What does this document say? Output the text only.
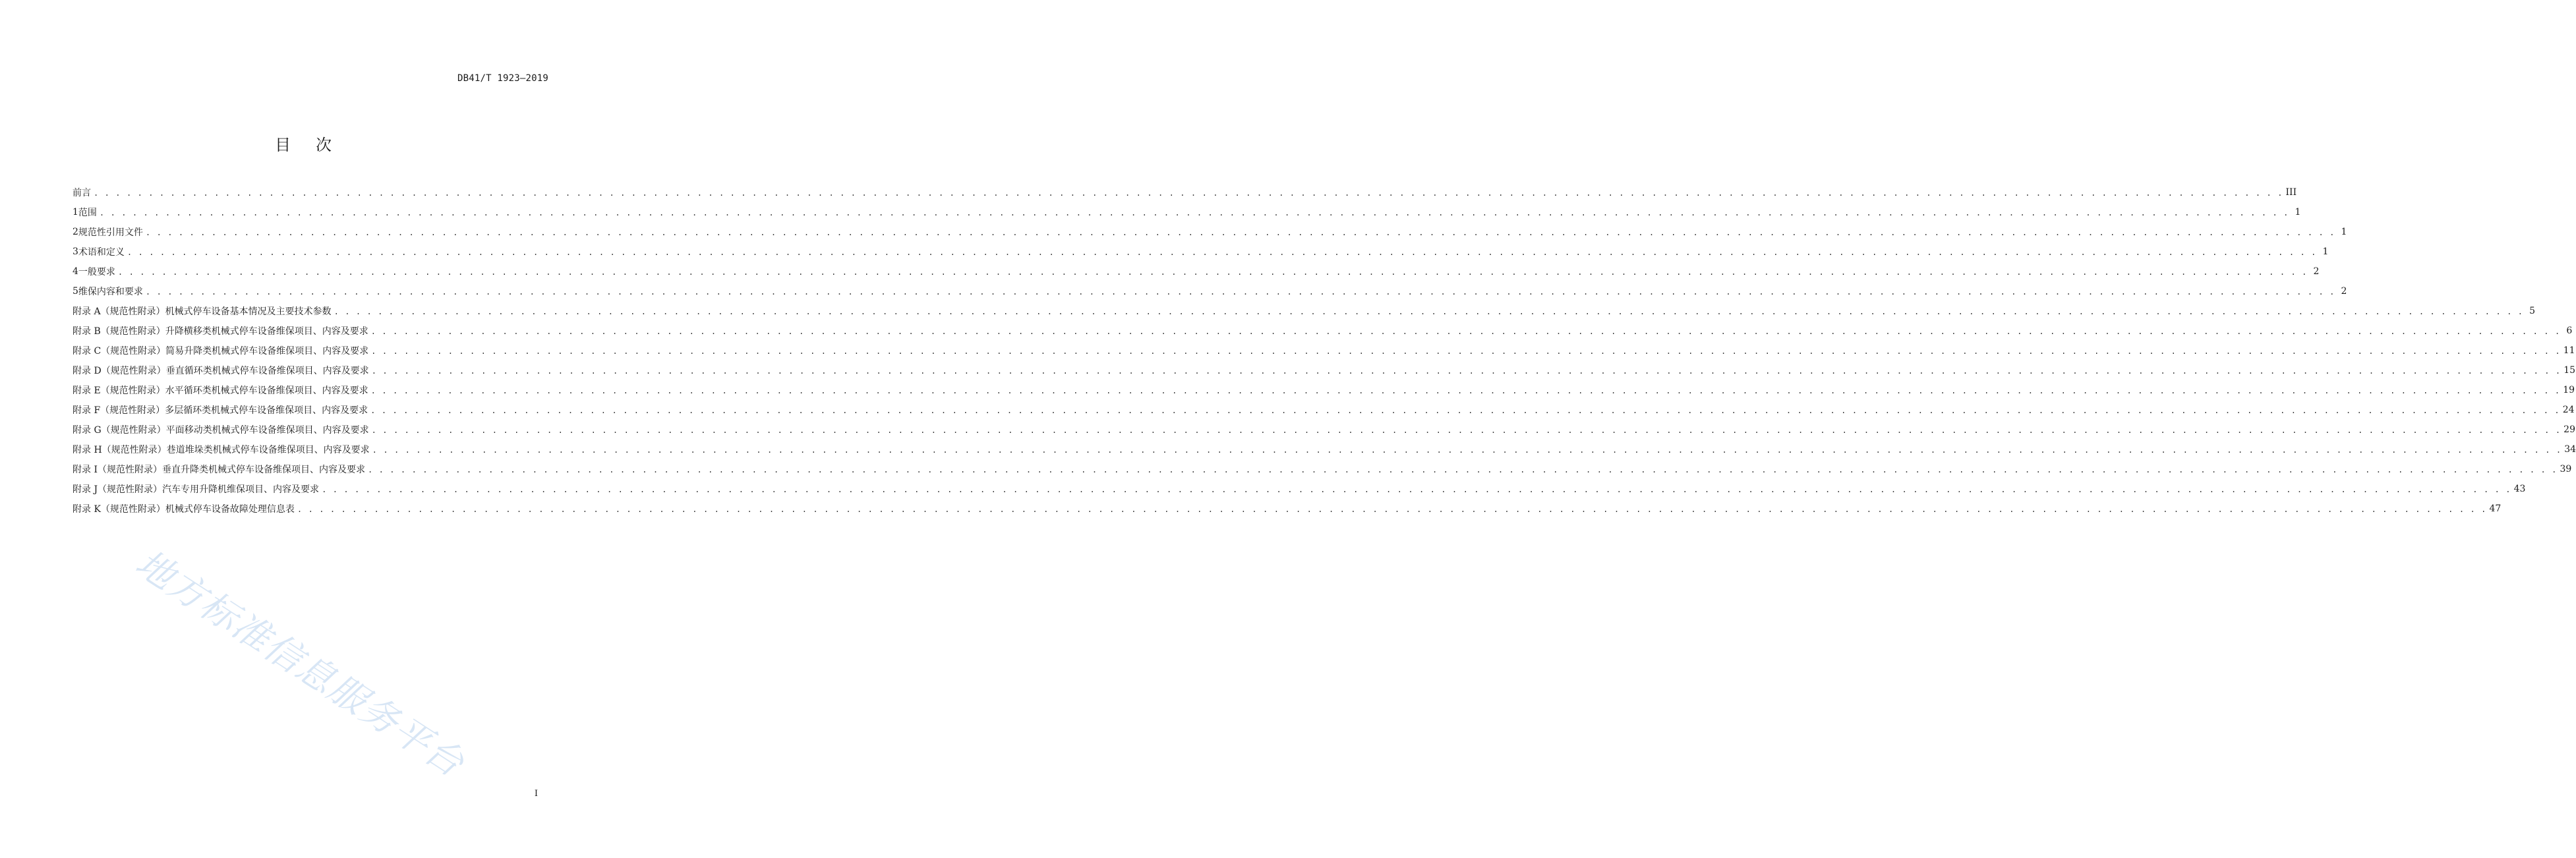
DB41/T 1923—2019
目 次
前言 . . . . . . . . . . . . . . . . . . . . . . . . . . . . . . . . . . . . . . . . . . . . . . . . . . . . . . . . . . . . . . . . . . . . . . . . . . . . . . . . . . . . . . . . . . . . . . . . . . . . . . . . . . . . . . . . . . . . . . . . . . . . . . . . . . . . . . . . . . . . . . . . . . . . . . . . . . . . . . . . . . . . . . . . . . . . . . . . . . . . . . . . . . . . . . . . . . . . . . . . III
1 范围 . . . . . . . . . . . . . . . . . . . . . . . . . . . . . . . . . . . . . . . . . . . . . . . . . . . . . . . . . . . . . . . . . . . . . . . . . . . . . . . . . . . . . . . . . . . . . . . . . . . . . . . . . . . . . . . . . . . . . . . . . . . . . . . . . . . . . . . . . . . . . . . . . . . . . . . . . . . . . . . . . . . . . . . . . . . . . . . . . . . . . . . . . . . . . . . . . . . . . . . . 1
2 规范性引用文件 . . . . . . . . . . . . . . . . . . . . . . . . . . . . . . . . . . . . . . . . . . . . . . . . . . . . . . . . . . . . . . . . . . . . . . . . . . . . . . . . . . . . . . . . . . . . . . . . . . . . . . . . . . . . . . . . . . . . . . . . . . . . . . . . . . . . . . . . . . . . . . . . . . . . . . . . . . . . . . . . . . . . . . . . . . . . . . . . . . . . . . . . . . . . . . . . . . . . . . . . 1
3 术语和定义 . . . . . . . . . . . . . . . . . . . . . . . . . . . . . . . . . . . . . . . . . . . . . . . . . . . . . . . . . . . . . . . . . . . . . . . . . . . . . . . . . . . . . . . . . . . . . . . . . . . . . . . . . . . . . . . . . . . . . . . . . . . . . . . . . . . . . . . . . . . . . . . . . . . . . . . . . . . . . . . . . . . . . . . . . . . . . . . . . . . . . . . . . . . . . . . . . . . . . . . . 1
4 一般要求 . . . . . . . . . . . . . . . . . . . . . . . . . . . . . . . . . . . . . . . . . . . . . . . . . . . . . . . . . . . . . . . . . . . . . . . . . . . . . . . . . . . . . . . . . . . . . . . . . . . . . . . . . . . . . . . . . . . . . . . . . . . . . . . . . . . . . . . . . . . . . . . . . . . . . . . . . . . . . . . . . . . . . . . . . . . . . . . . . . . . . . . . . . . . . . . . . . . . . . . . 2
5 维保内容和要求 . . . . . . . . . . . . . . . . . . . . . . . . . . . . . . . . . . . . . . . . . . . . . . . . . . . . . . . . . . . . . . . . . . . . . . . . . . . . . . . . . . . . . . . . . . . . . . . . . . . . . . . . . . . . . . . . . . . . . . . . . . . . . . . . . . . . . . . . . . . . . . . . . . . . . . . . . . . . . . . . . . . . . . . . . . . . . . . . . . . . . . . . . . . . . . . . . . . . . . . . 2
附录 A（规范性附录） 机械式停车设备基本情况及主要技术参数 . . . . . . . . . . . . . . . . . . . . . . . . . . . . . . . . . . . . . . . . . . . . . . . . . . . . . . . . . . . . . . . . . . . . . . . . . . . . . . . . . . . . . . . . . . . . . . . . . . . . . . . . . . . . . . . . . . . . . . . . . . . . . . . . . . . . . . . . . . . . . . . . . . . . . . . . . . . . . . . . . . . . . . . . . . . . . . . . . . . . . . . . . . . . . . . . . . . . . . . . 5
附录 B（规范性附录） 升降横移类机械式停车设备维保项目、内容及要求 . . . . . . . . . . . . . . . . . . . . . . . . . . . . . . . . . . . . . . . . . . . . . . . . . . . . . . . . . . . . . . . . . . . . . . . . . . . . . . . . . . . . . . . . . . . . . . . . . . . . . . . . . . . . . . . . . . . . . . . . . . . . . . . . . . . . . . . . . . . . . . . . . . . . . . . . . . . . . . . . . . . . . . . . . . . . . . . . . . . . . . . . . . . . . . . . . . . . . . . . 6
附录 C（规范性附录） 简易升降类机械式停车设备维保项目、内容及要求 . . . . . . . . . . . . . . . . . . . . . . . . . . . . . . . . . . . . . . . . . . . . . . . . . . . . . . . . . . . . . . . . . . . . . . . . . . . . . . . . . . . . . . . . . . . . . . . . . . . . . . . . . . . . . . . . . . . . . . . . . . . . . . . . . . . . . . . . . . . . . . . . . . . . . . . . . . . . . . . . . . . . . . . . . . . . . . . . . . . . . . . . . . . . . . . . . . . . . . . . 11
附录 D（规范性附录） 垂直循环类机械式停车设备维保项目、内容及要求 . . . . . . . . . . . . . . . . . . . . . . . . . . . . . . . . . . . . . . . . . . . . . . . . . . . . . . . . . . . . . . . . . . . . . . . . . . . . . . . . . . . . . . . . . . . . . . . . . . . . . . . . . . . . . . . . . . . . . . . . . . . . . . . . . . . . . . . . . . . . . . . . . . . . . . . . . . . . . . . . . . . . . . . . . . . . . . . . . . . . . . . . . . . . . . . . . . . . . . . . 15
附录 E（规范性附录） 水平循环类机械式停车设备维保项目、内容及要求 . . . . . . . . . . . . . . . . . . . . . . . . . . . . . . . . . . . . . . . . . . . . . . . . . . . . . . . . . . . . . . . . . . . . . . . . . . . . . . . . . . . . . . . . . . . . . . . . . . . . . . . . . . . . . . . . . . . . . . . . . . . . . . . . . . . . . . . . . . . . . . . . . . . . . . . . . . . . . . . . . . . . . . . . . . . . . . . . . . . . . . . . . . . . . . . . . . . . . . . . 19
附录 F（规范性附录） 多层循环类机械式停车设备维保项目、内容及要求 . . . . . . . . . . . . . . . . . . . . . . . . . . . . . . . . . . . . . . . . . . . . . . . . . . . . . . . . . . . . . . . . . . . . . . . . . . . . . . . . . . . . . . . . . . . . . . . . . . . . . . . . . . . . . . . . . . . . . . . . . . . . . . . . . . . . . . . . . . . . . . . . . . . . . . . . . . . . . . . . . . . . . . . . . . . . . . . . . . . . . . . . . . . . . . . . . . . . . . . . 24
附录 G（规范性附录） 平面移动类机械式停车设备维保项目、内容及要求 . . . . . . . . . . . . . . . . . . . . . . . . . . . . . . . . . . . . . . . . . . . . . . . . . . . . . . . . . . . . . . . . . . . . . . . . . . . . . . . . . . . . . . . . . . . . . . . . . . . . . . . . . . . . . . . . . . . . . . . . . . . . . . . . . . . . . . . . . . . . . . . . . . . . . . . . . . . . . . . . . . . . . . . . . . . . . . . . . . . . . . . . . . . . . . . . . . . . . . . . 29
附录 H（规范性附录） 巷道堆垛类机械式停车设备维保项目、内容及要求 . . . . . . . . . . . . . . . . . . . . . . . . . . . . . . . . . . . . . . . . . . . . . . . . . . . . . . . . . . . . . . . . . . . . . . . . . . . . . . . . . . . . . . . . . . . . . . . . . . . . . . . . . . . . . . . . . . . . . . . . . . . . . . . . . . . . . . . . . . . . . . . . . . . . . . . . . . . . . . . . . . . . . . . . . . . . . . . . . . . . . . . . . . . . . . . . . . . . . . . . 34
附录 I（规范性附录） 垂直升降类机械式停车设备维保项目、内容及要求 . . . . . . . . . . . . . . . . . . . . . . . . . . . . . . . . . . . . . . . . . . . . . . . . . . . . . . . . . . . . . . . . . . . . . . . . . . . . . . . . . . . . . . . . . . . . . . . . . . . . . . . . . . . . . . . . . . . . . . . . . . . . . . . . . . . . . . . . . . . . . . . . . . . . . . . . . . . . . . . . . . . . . . . . . . . . . . . . . . . . . . . . . . . . . . . . . . . . . . . . 39
附录 J（规范性附录） 汽车专用升降机维保项目、内容及要求 . . . . . . . . . . . . . . . . . . . . . . . . . . . . . . . . . . . . . . . . . . . . . . . . . . . . . . . . . . . . . . . . . . . . . . . . . . . . . . . . . . . . . . . . . . . . . . . . . . . . . . . . . . . . . . . . . . . . . . . . . . . . . . . . . . . . . . . . . . . . . . . . . . . . . . . . . . . . . . . . . . . . . . . . . . . . . . . . . . . . . . . . . . . . . . . . . . . . . . . . 43
附录 K（规范性附录） 机械式停车设备故障处理信息表 . . . . . . . . . . . . . . . . . . . . . . . . . . . . . . . . . . . . . . . . . . . . . . . . . . . . . . . . . . . . . . . . . . . . . . . . . . . . . . . . . . . . . . . . . . . . . . . . . . . . . . . . . . . . . . . . . . . . . . . . . . . . . . . . . . . . . . . . . . . . . . . . . . . . . . . . . . . . . . . . . . . . . . . . . . . . . . . . . . . . . . . . . . . . . . . . . . . . . . . . 47
地方标准信息服务平台
I
